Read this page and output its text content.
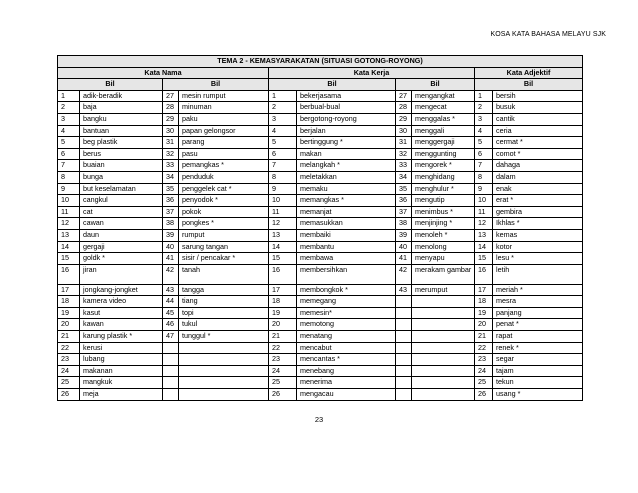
KOSA KATA BAHASA MELAYU SJK
TEMA 2 - KEMASYARAKATAN (SITUASI GOTONG-ROYONG)									
Kata Nama				Kata Kerja				Kata Adjektif	
Bil		Bil		Bil		Bil		Bil	
1	adik-beradik	27	mesin rumput	1	bekerjasama	27	mengangkat	1	bersih
2	baja	28	minuman	2	berbual-bual	28	mengecat	2	busuk
3	bangku	29	paku	3	bergotong-royong	29	menggalas *	3	cantik
4	bantuan	30	papan gelongsor	4	berjalan	30	menggali	4	ceria
5	beg plastik	31	parang	5	bertinggung *	31	menggergaji	5	cermat *
6	berus	32	pasu	6	makan	32	menggunting	6	comot *
7	buaian	33	pemangkas *	7	melangkah *	33	mengorek *	7	dahaga
8	bunga	34	penduduk	8	meletakkan	34	menghidang	8	dalam
9	but keselamatan	35	penggelek cat *	9	memaku	35	menghulur *	9	enak
10	cangkul	36	penyodok *	10	memangkas *	36	mengutip	10	erat *
11	cat	37	pokok	11	memanjat	37	menimbus *	11	gembira
12	cawan	38	pongkes *	12	memasukkan	38	menjinjing *	12	Ikhlas *
13	daun	39	rumput	13	membaiki	39	menoleh *	13	kemas
14	gergaji	40	sarung tangan	14	membantu	40	menolong	14	kotor
15	goldk *	41	sisir / pencakar *	15	membawa	41	menyapu	15	lesu *
16	jiran	42	tanah	16	membersihkan	42	merakam gambar	16	letih
17	jongkang-jongket	43	tangga	17	membongkok *	43	merumput	17	meriah *
18	kamera video	44	tiang	18	memegang			18	mesra
19	kasut	45	topi	19	memesin*			19	panjang
20	kawan	46	tukul	20	memotong			20	penat *
21	karung plastik *	47	tunggul *	21	menatang			21	rapat
22	kerusi			22	mencabut			22	renek *
23	lubang			23	mencantas *			23	segar
24	makanan			24	menebang			24	tajam
25	mangkuk			25	menerima			25	tekun
26	meja			26	mengacau			26	usang *
23
